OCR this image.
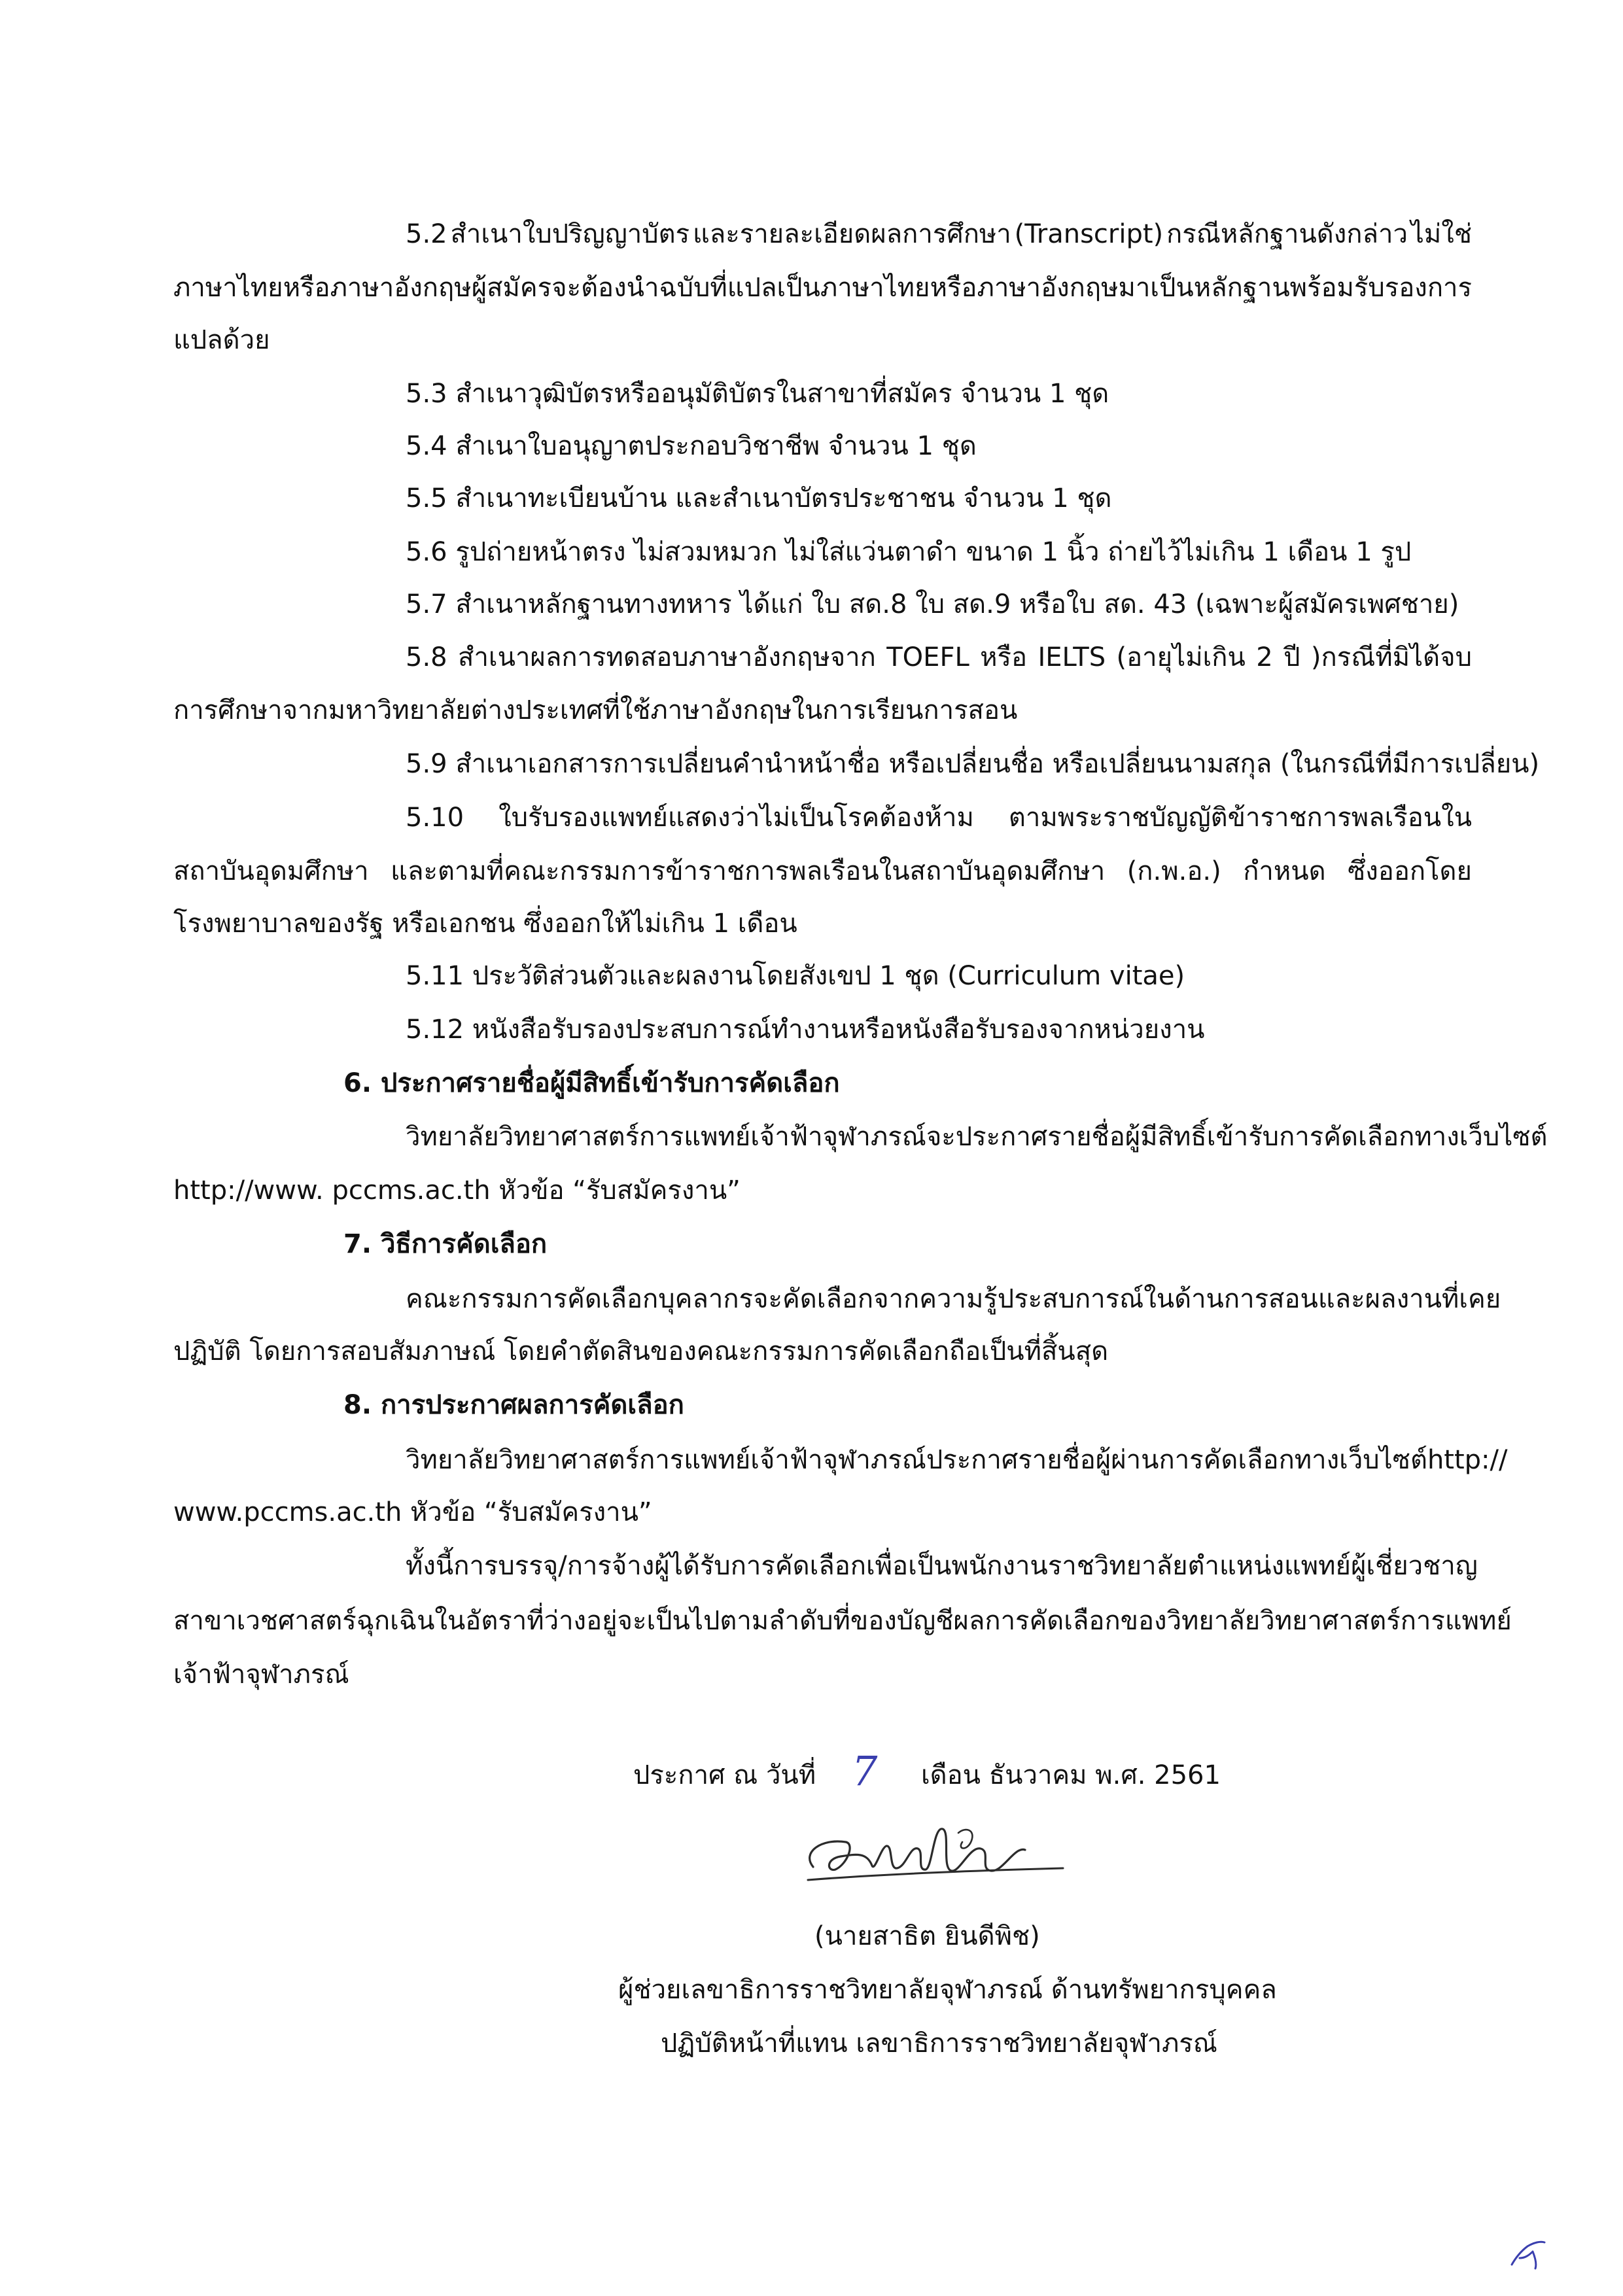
5.2 สำเนาใบปริญญาบัตร และรายละเอียดผลการศึกษา (Transcript) กรณีหลักฐานดังกล่าว ไม่ใช่
ภาษาไทย หรือภาษาอังกฤษ ผู้สมัครจะต้องนำฉบับที่แปลเป็นภาษาไทย หรือภาษาอังกฤษมาเป็นหลักฐานพร้อมรับรองการ
แปลด้วย
5.3 สำเนาวุฒิบัตรหรืออนุมัติบัตรในสาขาที่สมัคร จำนวน 1 ชุด
5.4 สำเนาใบอนุญาตประกอบวิชาชีพ จำนวน 1 ชุด
5.5 สำเนาทะเบียนบ้าน และสำเนาบัตรประชาชน จำนวน 1 ชุด
5.6 รูปถ่ายหน้าตรง ไม่สวมหมวก ไม่ใส่แว่นตาดำ ขนาด 1 นิ้ว ถ่ายไว้ไม่เกิน 1 เดือน 1 รูป
5.7 สำเนาหลักฐานทางทหาร ได้แก่ ใบ สด.8 ใบ สด.9 หรือใบ สด. 43 (เฉพาะผู้สมัครเพศชาย)
5.8 สำเนาผลการทดสอบภาษาอังกฤษจาก TOEFL หรือ IELTS (อายุไม่เกิน 2 ปี )กรณีที่มิได้จบ
การศึกษาจากมหาวิทยาลัยต่างประเทศที่ใช้ภาษาอังกฤษในการเรียนการสอน
5.9 สำเนาเอกสารการเปลี่ยนคำนำหน้าชื่อ หรือเปลี่ยนชื่อ หรือเปลี่ยนนามสกุล (ในกรณีที่มีการเปลี่ยน)
5.10 ใบรับรองแพทย์แสดงว่าไม่เป็นโรคต้องห้าม ตามพระราชบัญญัติข้าราชการพลเรือนใน
สถาบันอุดมศึกษา และตามที่คณะกรรมการข้าราชการพลเรือนในสถาบันอุดมศึกษา (ก.พ.อ.) กำหนด ซึ่งออกโดย
โรงพยาบาลของรัฐ หรือเอกชน ซึ่งออกให้ไม่เกิน 1 เดือน
5.11 ประวัติส่วนตัวและผลงานโดยสังเขป 1 ชุด (Curriculum vitae)
5.12 หนังสือรับรองประสบการณ์ทำงานหรือหนังสือรับรองจากหน่วยงาน
6. ประกาศรายชื่อผู้มีสิทธิ์เข้ารับการคัดเลือก
วิทยาลัยวิทยาศาสตร์การแพทย์เจ้าฟ้าจุฬาภรณ์ จะประกาศรายชื่อผู้มีสิทธิ์เข้ารับการคัดเลือกทางเว็บไซต์
http://www. pccms.ac.th หัวข้อ “รับสมัครงาน”
7. วิธีการคัดเลือก
คณะกรรมการคัดเลือกบุคลากร จะคัดเลือกจากความรู้ ประสบการณ์ในด้านการสอน และผลงานที่เคย
ปฏิบัติ โดยการสอบสัมภาษณ์ โดยคำตัดสินของคณะกรรมการคัดเลือกถือเป็นที่สิ้นสุด
8. การประกาศผลการคัดเลือก
วิทยาลัยวิทยาศาสตร์การแพทย์เจ้าฟ้าจุฬาภรณ์ ประกาศรายชื่อผู้ผ่านการคัดเลือกทางเว็บไซต์ http://
www.pccms.ac.th หัวข้อ “รับสมัครงาน”
ทั้งนี้ การบรรจุ/การจ้างผู้ได้รับการคัดเลือกเพื่อเป็นพนักงานราชวิทยาลัย ตำแหน่ง แพทย์ผู้เชี่ยวชาญ
สาขาเวชศาสตร์ฉุกเฉิน ในอัตราที่ว่างอยู่จะเป็นไปตามลำดับที่ ของบัญชีผลการคัดเลือกของวิทยาลัยวิทยาศาสตร์การแพทย์
เจ้าฟ้าจุฬาภรณ์
ประกาศ ณ วันที่ 7 เดือน ธันวาคม พ.ศ. 2561
(นายสาธิต ยินดีพิช)
ผู้ช่วยเลขาธิการราชวิทยาลัยจุฬาภรณ์ ด้านทรัพยากรบุคคล
ปฏิบัติหน้าที่แทน เลขาธิการราชวิทยาลัยจุฬาภรณ์
